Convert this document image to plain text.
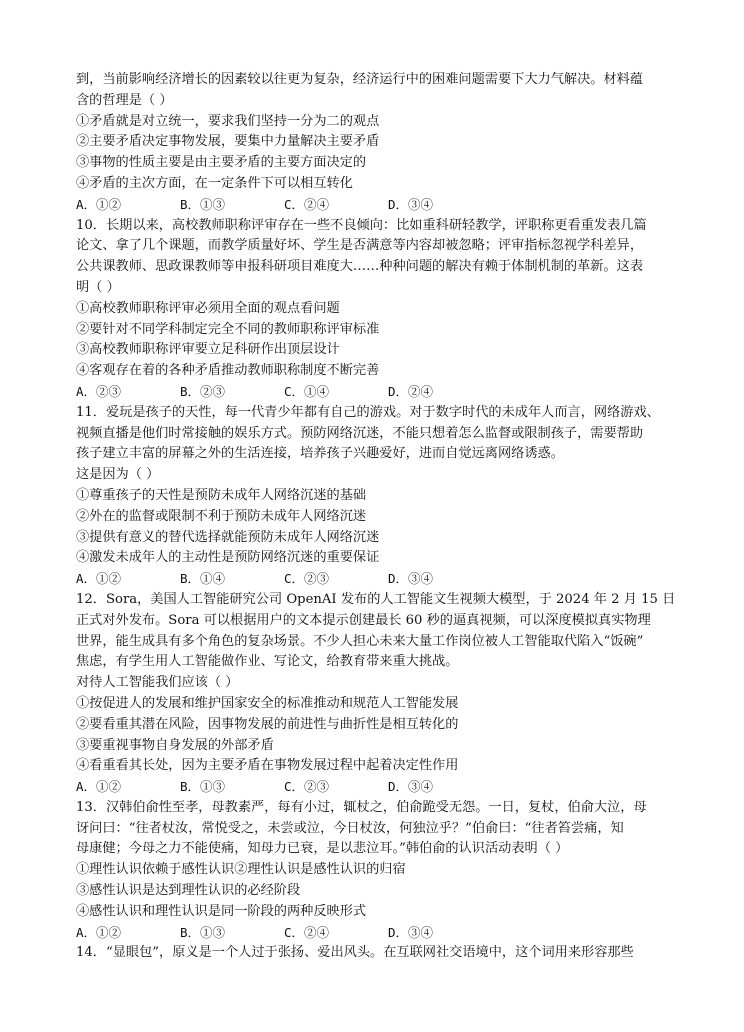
到，当前影响经济增长的因素较以往更为复杂，经济运行中的困难问题需要下大力气解决。材料蕴
含的哲理是（ ）
①矛盾就是对立统一，要求我们坚持一分为二的观点
②主要矛盾决定事物发展，要集中力量解决主要矛盾
③事物的性质主要是由主要矛盾的主要方面决定的
④矛盾的主次方面，在一定条件下可以相互转化
A．①②	B．①③	C．②④	D．③④
10．长期以来，高校教师职称评审存在一些不良倾向：比如重科研轻教学，评职称更看重发表几篇
论文、拿了几个课题，而教学质量好坏、学生是否满意等内容却被忽略；评审指标忽视学科差异，
公共课教师、思政课教师等申报科研项目难度大……种种问题的解决有赖于体制机制的革新。这表
明（ ）
①高校教师职称评审必须用全面的观点看问题
②要针对不同学科制定完全不同的教师职称评审标准
③高校教师职称评审要立足科研作出顶层设计
④客观存在着的各种矛盾推动教师职称制度不断完善
A．②③	B．②③	C．①④	D．②④
11．爱玩是孩子的天性，每一代青少年都有自己的游戏。对于数字时代的未成年人而言，网络游戏、
视频直播是他们时常接触的娱乐方式。预防网络沉迷，不能只想着怎么监督或限制孩子，需要帮助
孩子建立丰富的屏幕之外的生活连接，培养孩子兴趣爱好，进而自觉远离网络诱惑。
这是因为（ ）
①尊重孩子的天性是预防未成年人网络沉迷的基础
②外在的监督或限制不利于预防未成年人网络沉迷
③提供有意义的替代选择就能预防未成年人网络沉迷
④激发未成年人的主动性是预防网络沉迷的重要保证
A．①②	B．①④	C．②③	D．③④
12．Sora，美国人工智能研究公司 OpenAI 发布的人工智能文生视频大模型，于 2024 年 2 月 15 日
正式对外发布。Sora 可以根据用户的文本提示创建最长 60 秒的逼真视频，可以深度模拟真实物理
世界，能生成具有多个角色的复杂场景。不少人担心未来大量工作岗位被人工智能取代陷入“饭碗”
焦虑，有学生用人工智能做作业、写论文，给教育带来重大挑战。
对待人工智能我们应该（ ）
①按促进人的发展和维护国家安全的标准推动和规范人工智能发展
②要看重其潜在风险，因事物发展的前进性与曲折性是相互转化的
③要重视事物自身发展的外部矛盾
④看重看其长处，因为主要矛盾在事物发展过程中起着决定性作用
A．①②	B．①③	C．②③	D．③④
13．汉韩伯俞性至孝，母教素严，每有小过，辄杖之，伯俞跪受无怨。一日，复杖，伯俞大泣，母
讶问曰：“往者杖汝，常悦受之，未尝或泣，今日杖汝，何独泣乎？”伯俞曰：“往者笞尝痛，知
母康健；今母之力不能使痛，知母力已衰，是以悲泣耳。”韩伯俞的认识活动表明（ ）
①理性认识依赖于感性认识②理性认识是感性认识的归宿
③感性认识是达到理性认识的必经阶段
④感性认识和理性认识是同一阶段的两种反映形式
A．①②	B．①③	C．②④	D．③④
14．“显眼包”，原义是一个人过于张扬、爱出风头。在互联网社交语境中，这个词用来形容那些
